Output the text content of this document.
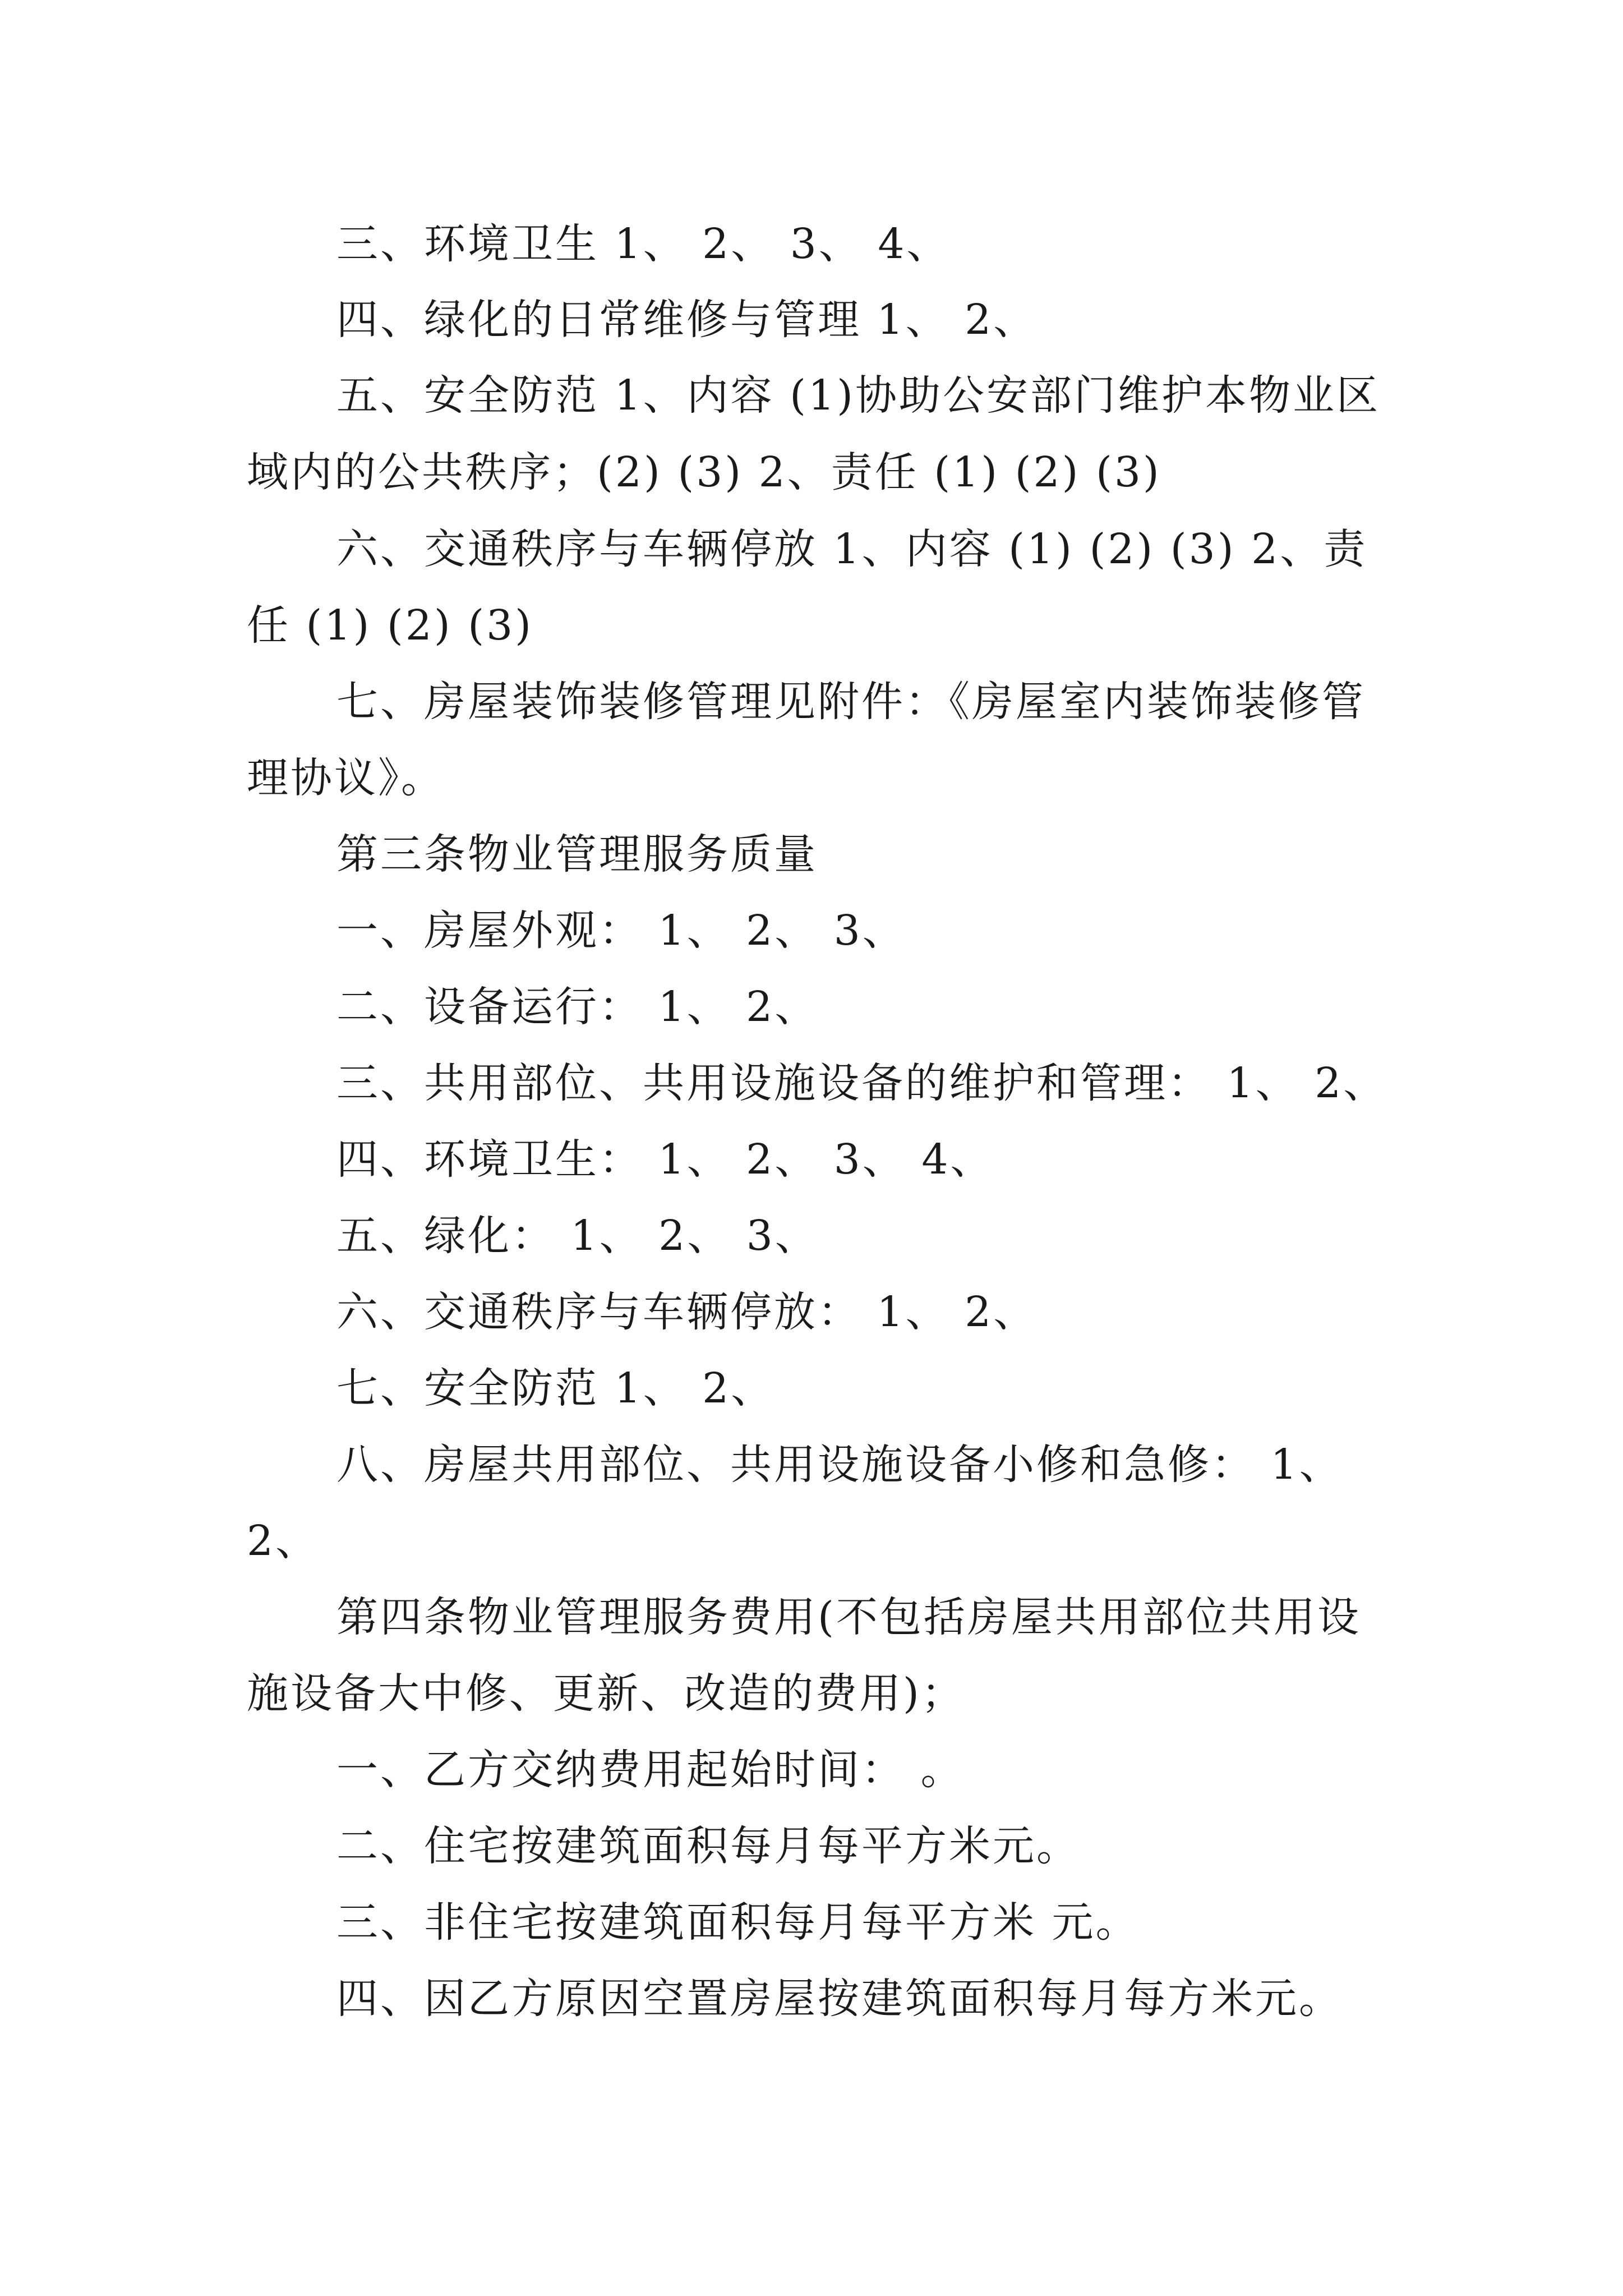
三、环境卫生 1、 2、 3、 4、
四、绿化的日常维修与管理 1、 2、
五、安全防范 1、内容 (1)协助公安部门维护本物业区
域内的公共秩序；(2) (3) 2、责任 (1) (2) (3)
六、交通秩序与车辆停放 1、内容 (1) (2) (3) 2、责
任 (1) (2) (3)
七、房屋装饰装修管理见附件：《房屋室内装饰装修管
理协议》。
第三条物业管理服务质量
一、房屋外观： 1、 2、 3、
二、设备运行： 1、 2、
三、共用部位、共用设施设备的维护和管理： 1、 2、
四、环境卫生： 1、 2、 3、 4、
五、绿化： 1、 2、 3、
六、交通秩序与车辆停放： 1、 2、
七、安全防范 1、 2、
八、房屋共用部位、共用设施设备小修和急修： 1、
2、
第四条物业管理服务费用(不包括房屋共用部位共用设
施设备大中修、更新、改造的费用)；
一、乙方交纳费用起始时间： 。
二、住宅按建筑面积每月每平方米元。
三、非住宅按建筑面积每月每平方米 元。
四、因乙方原因空置房屋按建筑面积每月每方米元。
